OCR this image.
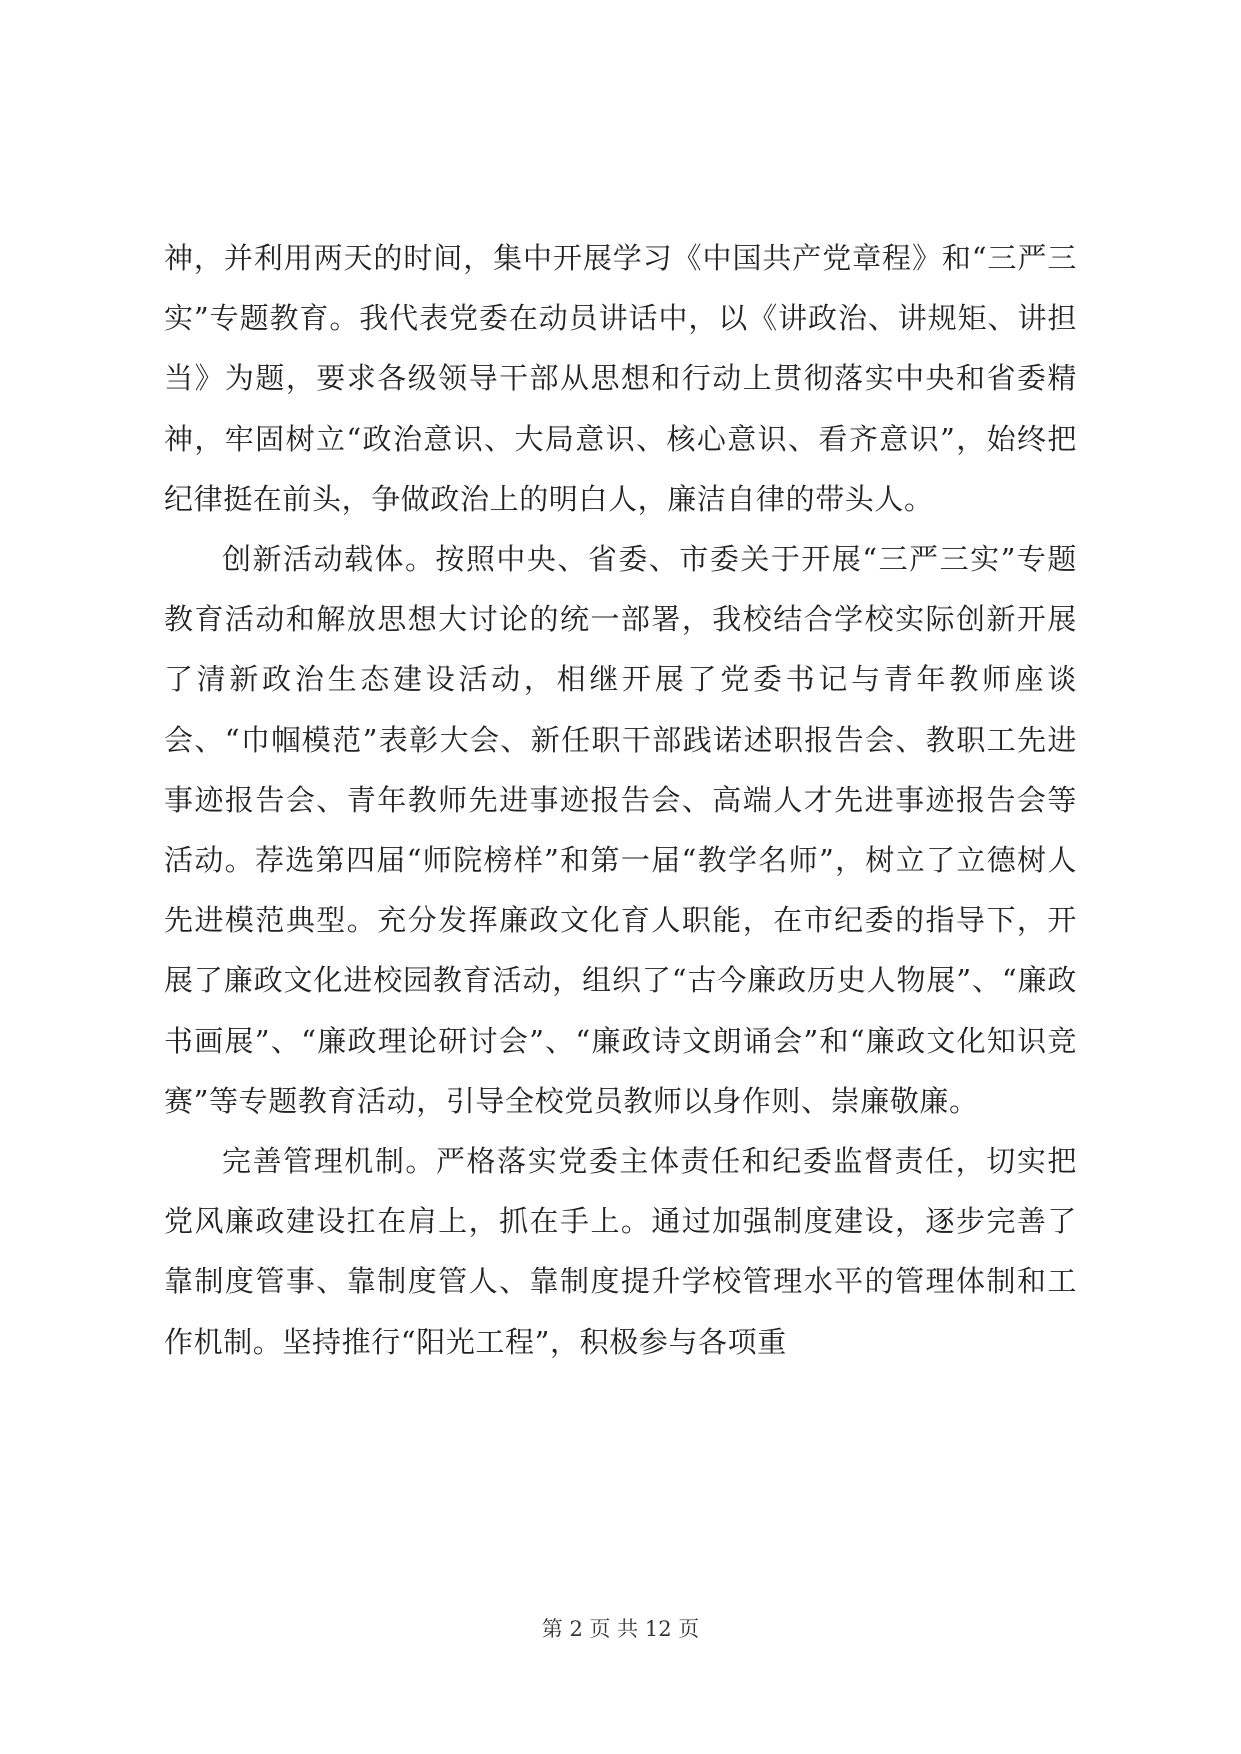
神，并利用两天的时间，集中开展学习《中国共产党章程》和“三严三实”专题教育。我代表党委在动员讲话中，以《讲政治、讲规矩、讲担当》为题，要求各级领导干部从思想和行动上贯彻落实中央和省委精神，牢固树立“政治意识、大局意识、核心意识、看齐意识”，始终把纪律挺在前头，争做政治上的明白人，廉洁自律的带头人。

创新活动载体。按照中央、省委、市委关于开展“三严三实”专题教育活动和解放思想大讨论的统一部署，我校结合学校实际创新开展了清新政治生态建设活动，相继开展了党委书记与青年教师座谈会、“巾帼模范”表彰大会、新任职干部践诺述职报告会、教职工先进事迹报告会、青年教师先进事迹报告会、高端人才先进事迹报告会等活动。荐选第四届“师院榜样”和第一届“教学名师”，树立了立德树人先进模范典型。充分发挥廉政文化育人职能，在市纪委的指导下，开展了廉政文化进校园教育活动，组织了“古今廉政历史人物展”、“廉政书画展”、“廉政理论研讨会”、“廉政诗文朗诵会”和“廉政文化知识竞赛”等专题教育活动，引导全校党员教师以身作则、崇廉敬廉。

完善管理机制。严格落实党委主体责任和纪委监督责任，切实把党风廉政建设扛在肩上，抓在手上。通过加强制度建设，逐步完善了靠制度管事、靠制度管人、靠制度提升学校管理水平的管理体制和工作机制。坚持推行“阳光工程”，积极参与各项重

第 2 页 共 12 页
